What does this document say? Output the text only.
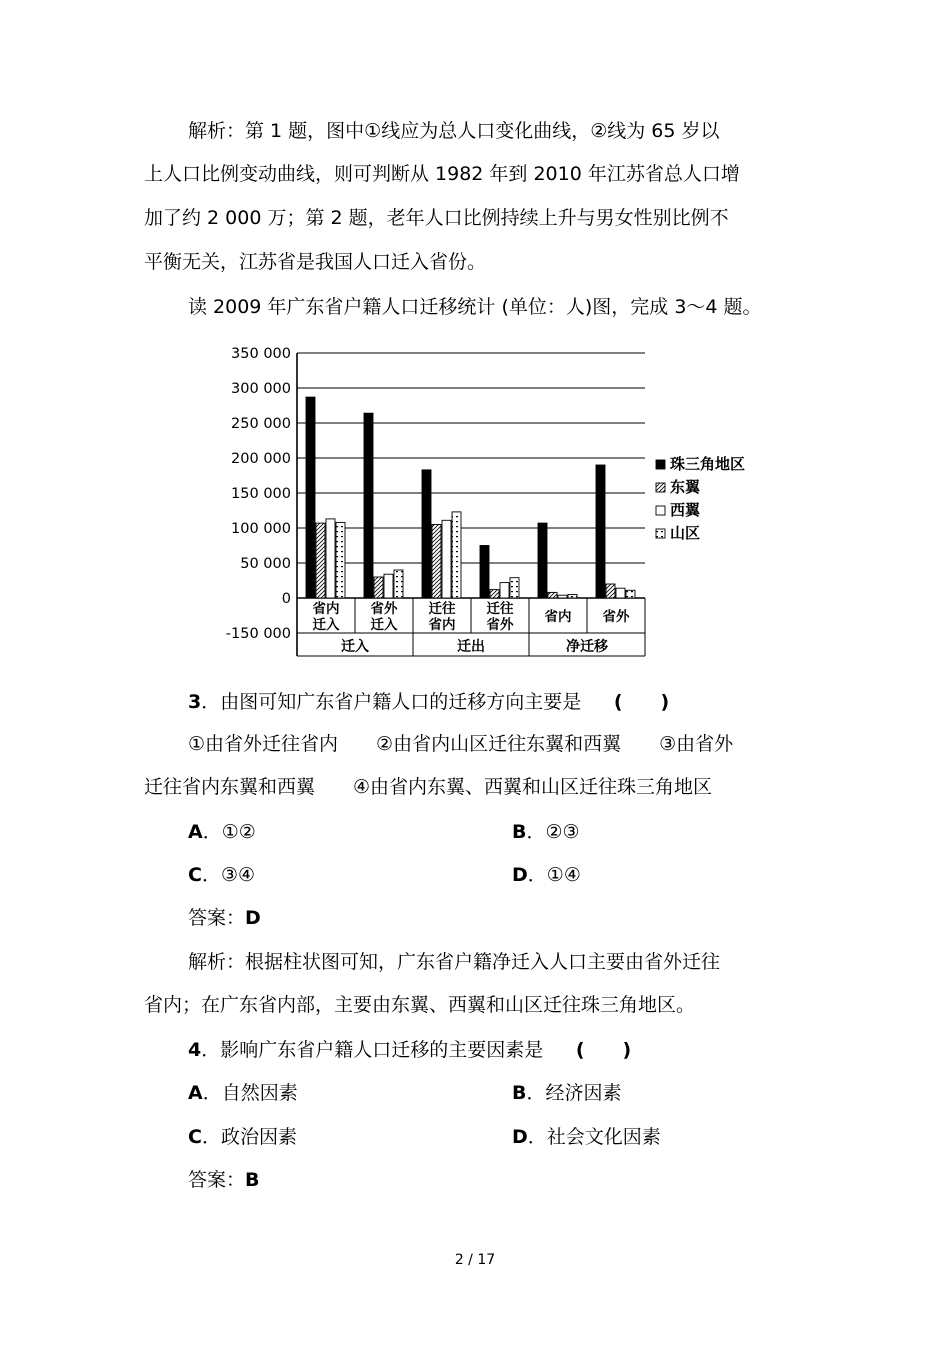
解析：第 1 题，图中①线应为总人口变化曲线，②线为 65 岁以
上人口比例变动曲线，则可判断从 1982 年到 2010 年江苏省总人口增
加了约 2 000 万；第 2 题，老年人口比例持续上升与男女性别比例不
平衡无关，江苏省是我国人口迁入省份。
读 2009 年广东省户籍人口迁移统计 (单位：人)图，完成 3～4 题。
350 000
300 000
250 000
200 000
150 000
100 000
50 000
0
-150 000
迁入	迁出	净迁移
省内
迁入
省外
迁入
迁往
省内
迁往
省外 省内 省外
珠三角地区
东翼
西翼
山区
3．由图可知广东省户籍人口的迁移方向主要是 (　　)
①由省外迁往省内　　②由省内山区迁往东翼和西翼　　③由省外
迁往省内东翼和西翼　　④由省内东翼、西翼和山区迁往珠三角地区
A．①②	B．②③
C．③④	D．①④
答案：D
解析：根据柱状图可知，广东省户籍净迁入人口主要由省外迁往
省内；在广东省内部，主要由东翼、西翼和山区迁往珠三角地区。
4．影响广东省户籍人口迁移的主要因素是 (　　)
A．自然因素	B．经济因素
C．政治因素	D．社会文化因素
答案：B
2 / 17
